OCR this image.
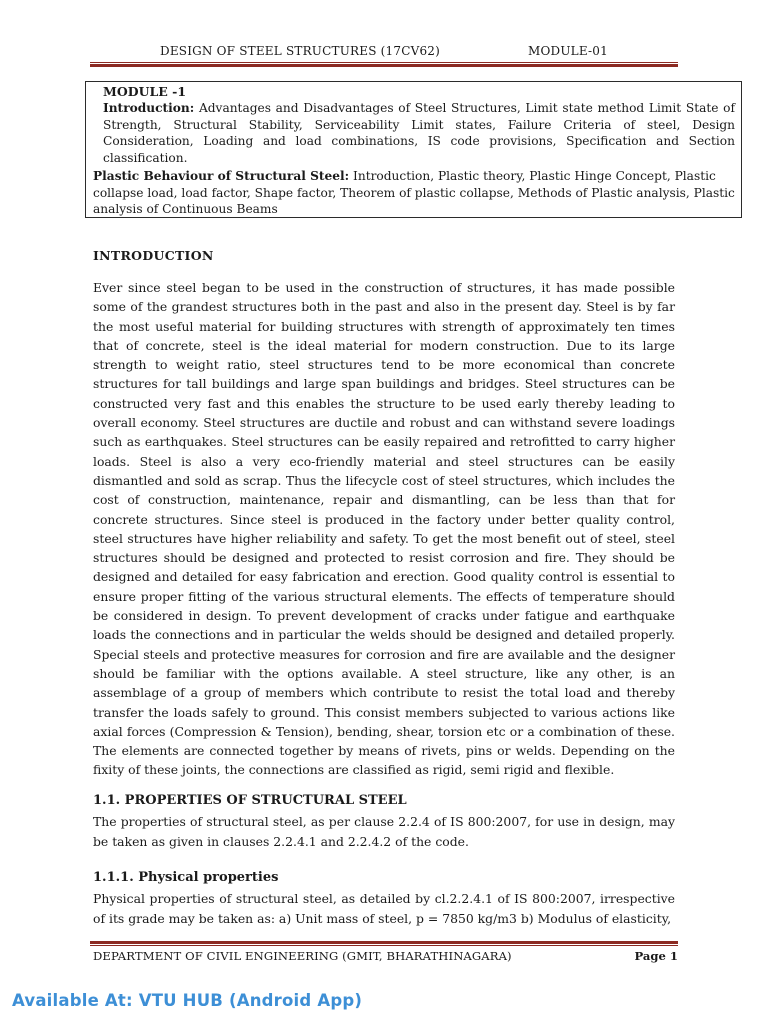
DESIGN OF STEEL STRUCTURES (17CV62)	MODULE-01
MODULE -1
Introduction: Advantages and Disadvantages of Steel Structures, Limit state method Limit State of Strength, Structural Stability, Serviceability Limit states, Failure Criteria of steel, Design Consideration, Loading and load combinations, IS code provisions, Specification and Section classification.
Plastic Behaviour of Structural Steel: Introduction, Plastic theory, Plastic Hinge Concept, Plastic collapse load, load factor, Shape factor, Theorem of plastic collapse, Methods of Plastic analysis, Plastic analysis of Continuous Beams
INTRODUCTION
Ever since steel began to be used in the construction of structures, it has made possible some of the grandest structures both in the past and also in the present day. Steel is by far the most useful material for building structures with strength of approximately ten times that of concrete, steel is the ideal material for modern construction. Due to its large strength to weight ratio, steel structures tend to be more economical than concrete structures for tall buildings and large span buildings and bridges. Steel structures can be constructed very fast and this enables the structure to be used early thereby leading to overall economy. Steel structures are ductile and robust and can withstand severe loadings such as earthquakes. Steel structures can be easily repaired and retrofitted to carry higher loads. Steel is also a very eco-friendly material and steel structures can be easily dismantled and sold as scrap. Thus the lifecycle cost of steel structures, which includes the cost of construction, maintenance, repair and dismantling, can be less than that for concrete structures. Since steel is produced in the factory under better quality control, steel structures have higher reliability and safety. To get the most benefit out of steel, steel structures should be designed and protected to resist corrosion and fire. They should be designed and detailed for easy fabrication and erection. Good quality control is essential to ensure proper fitting of the various structural elements. The effects of temperature should be considered in design. To prevent development of cracks under fatigue and earthquake loads the connections and in particular the welds should be designed and detailed properly. Special steels and protective measures for corrosion and fire are available and the designer should be familiar with the options available. A steel structure, like any other, is an assemblage of a group of members which contribute to resist the total load and thereby transfer the loads safely to ground. This consist members subjected to various actions like axial forces (Compression & Tension), bending, shear, torsion etc or a combination of these. The elements are connected together by means of rivets, pins or welds. Depending on the fixity of these joints, the connections are classified as rigid, semi rigid and flexible.
1.1. PROPERTIES OF STRUCTURAL STEEL
The properties of structural steel, as per clause 2.2.4 of IS 800:2007, for use in design, may be taken as given in clauses 2.2.4.1 and 2.2.4.2 of the code.
1.1.1. Physical properties
Physical properties of structural steel, as detailed by cl.2.2.4.1 of IS 800:2007, irrespective of its grade may be taken as: a) Unit mass of steel, p = 7850 kg/m3 b) Modulus of elasticity,
DEPARTMENT OF CIVIL ENGINEERING (GMIT, BHARATHINAGARA)	Page 1
Available At: VTU HUB (Android App)
